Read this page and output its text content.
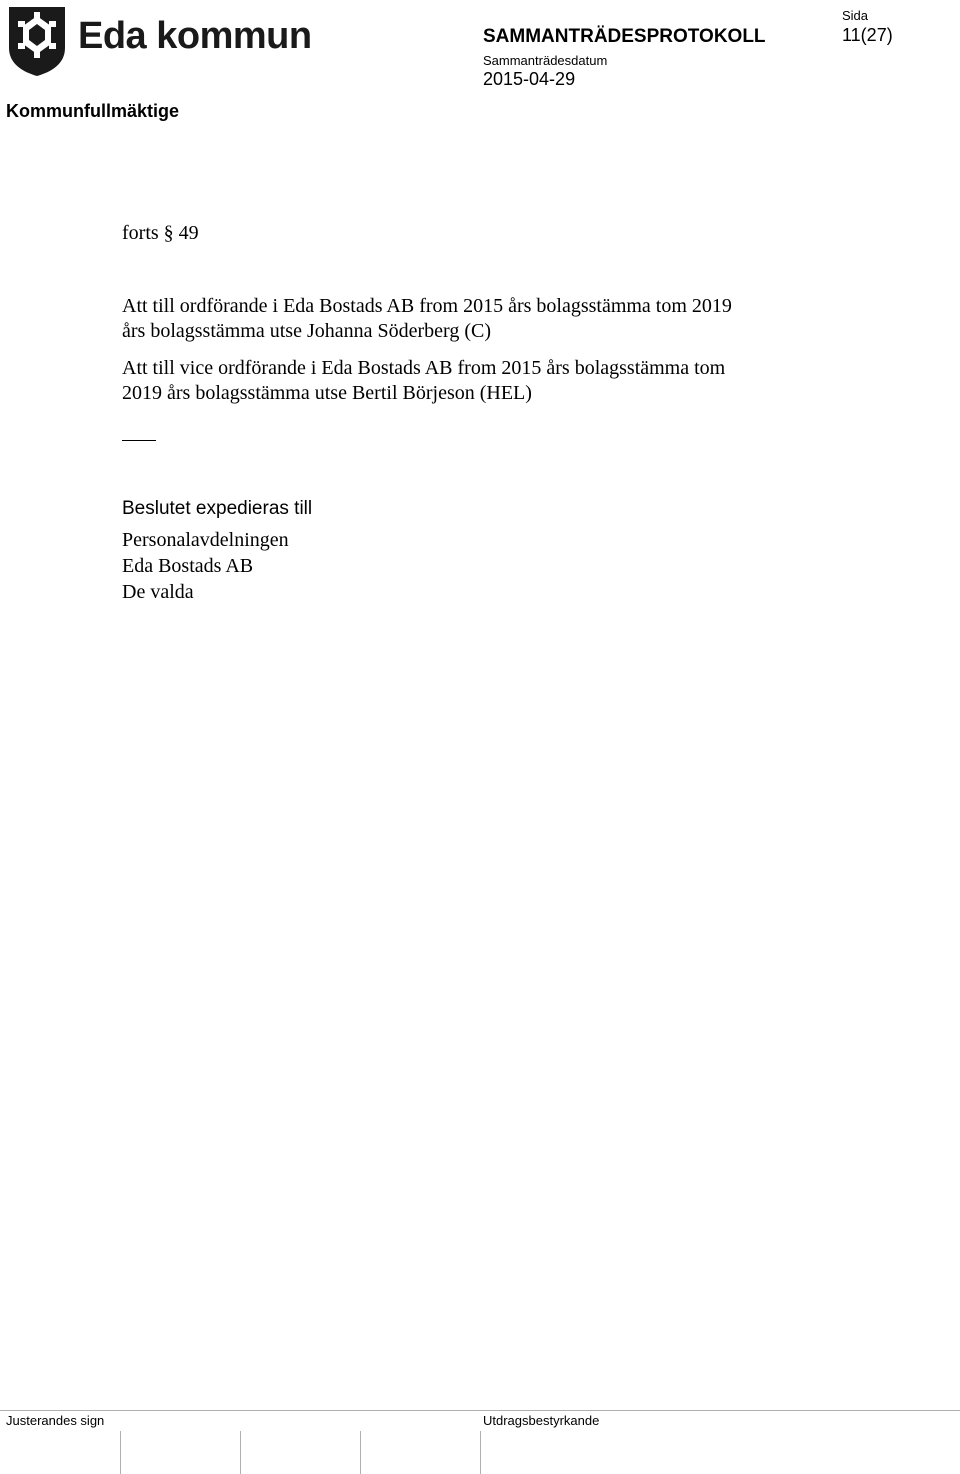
Eda kommun	SAMMANTRÄDESPROTOKOLL
Sammanträdesdatum
2015-04-29
Sida
11(27)
Kommunfullmäktige
forts § 49
Att till ordförande i Eda Bostads AB from 2015 års bolagsstämma tom 2019
års bolagsstämma utse Johanna Söderberg (C)
Att till vice ordförande i Eda Bostads AB from 2015 års bolagsstämma tom
2019 års bolagsstämma utse Bertil Börjeson (HEL)
Beslutet expedieras till
Personalavdelningen
Eda Bostads AB
De valda
Justerandes sign	Utdragsbestyrkande
